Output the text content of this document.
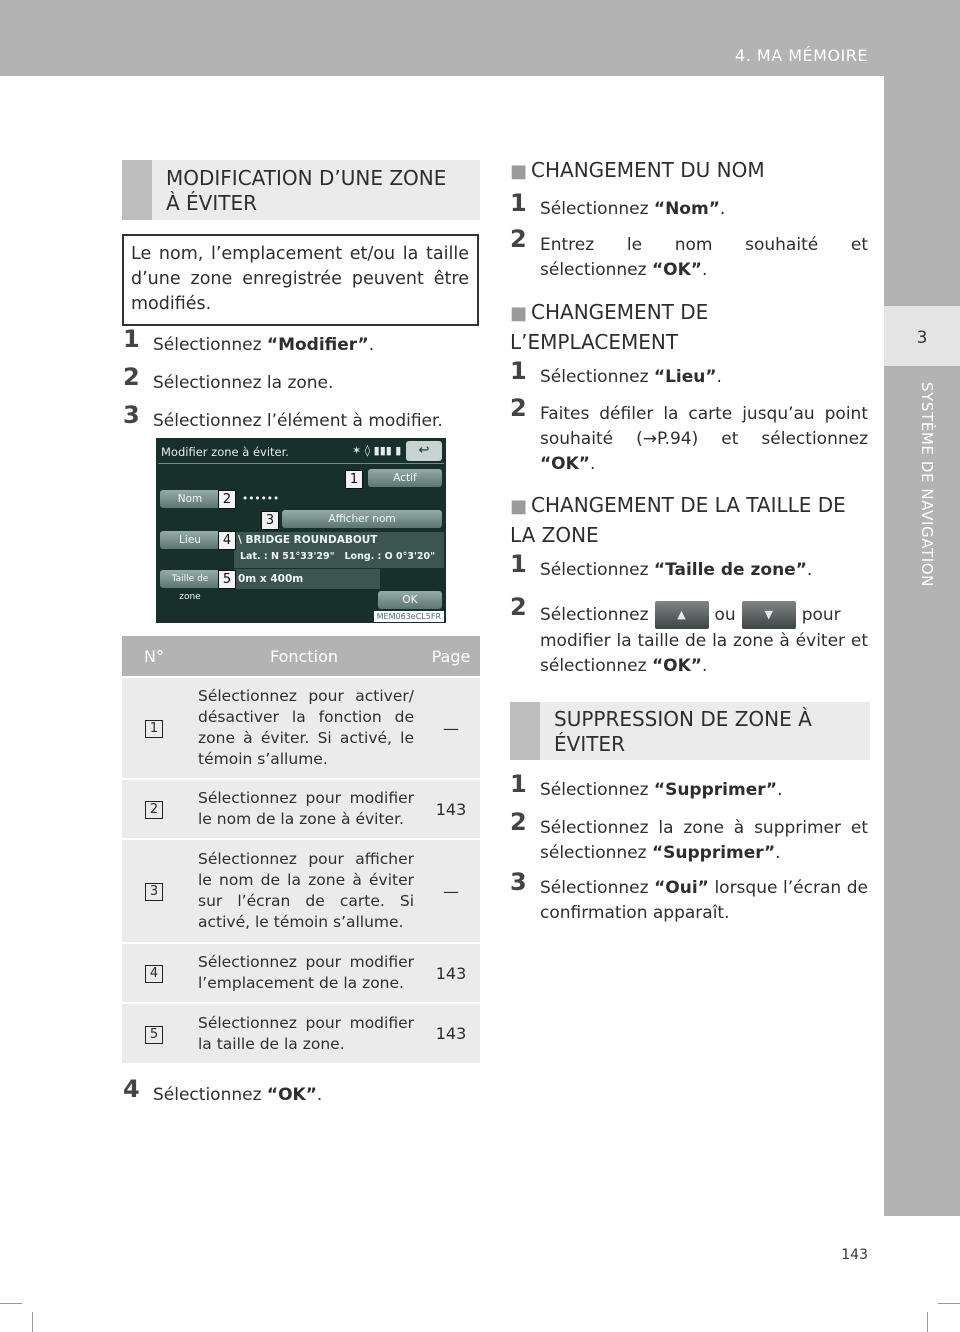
4. MA MÉMOIRE
3
SYSTÈME DE NAVIGATION
143
MODIFICATION D’UNE ZONE À ÉVITER
Le nom, l’emplacement et/ou la taille d’une zone enregistrée peuvent être modifiés.
1 Sélectionnez “Modifier”.
2 Sélectionnez la zone.
3 Sélectionnez l’élément à modifier.
Modifier zone à éviter.	✶ ◊ ▮▮▮ ▮	↩
Actif
Nom	••••••
Afficher nom
Lieu	\ BRIDGE ROUNDABOUT
Lat. : N 51°33'29" Long. : O 0°3'20"
Taille de zone
0m x 400m
OK
1
2
3
4
5
MEM063eCL5FR
N°	Fonction	Page
1	Sélectionnez pour activer/ désactiver la fonction de zone à éviter. Si activé, le témoin s’allume.	—
2	Sélectionnez pour modifier le nom de la zone à éviter.	143
3	Sélectionnez pour afficher le nom de la zone à éviter sur l’écran de carte. Si activé, le témoin s’allume.	—
4	Sélectionnez pour modifier l’emplacement de la zone.	143
5	Sélectionnez pour modifier la taille de la zone.	143
4 Sélectionnez “OK”.
■ CHANGEMENT DU NOM
1 Sélectionnez “Nom”.
2 Entrez le nom souhaité et sélectionnez “OK”.
■ CHANGEMENT DE L’EMPLACEMENT
1 Sélectionnez “Lieu”.
2 Faites défiler la carte jusqu’au point souhaité (→P.94) et sélectionnez “OK”.
■ CHANGEMENT DE LA TAILLE DE LA ZONE
1 Sélectionnez “Taille de zone”.
2 Sélectionnez	▲ ou	▼ pour modifier la taille de la zone à éviter et sélectionnez “OK”.
SUPPRESSION DE ZONE À ÉVITER
1 Sélectionnez “Supprimer”.
2 Sélectionnez la zone à supprimer et sélectionnez “Supprimer”.
3 Sélectionnez “Oui” lorsque l’écran de confirmation apparaît.
